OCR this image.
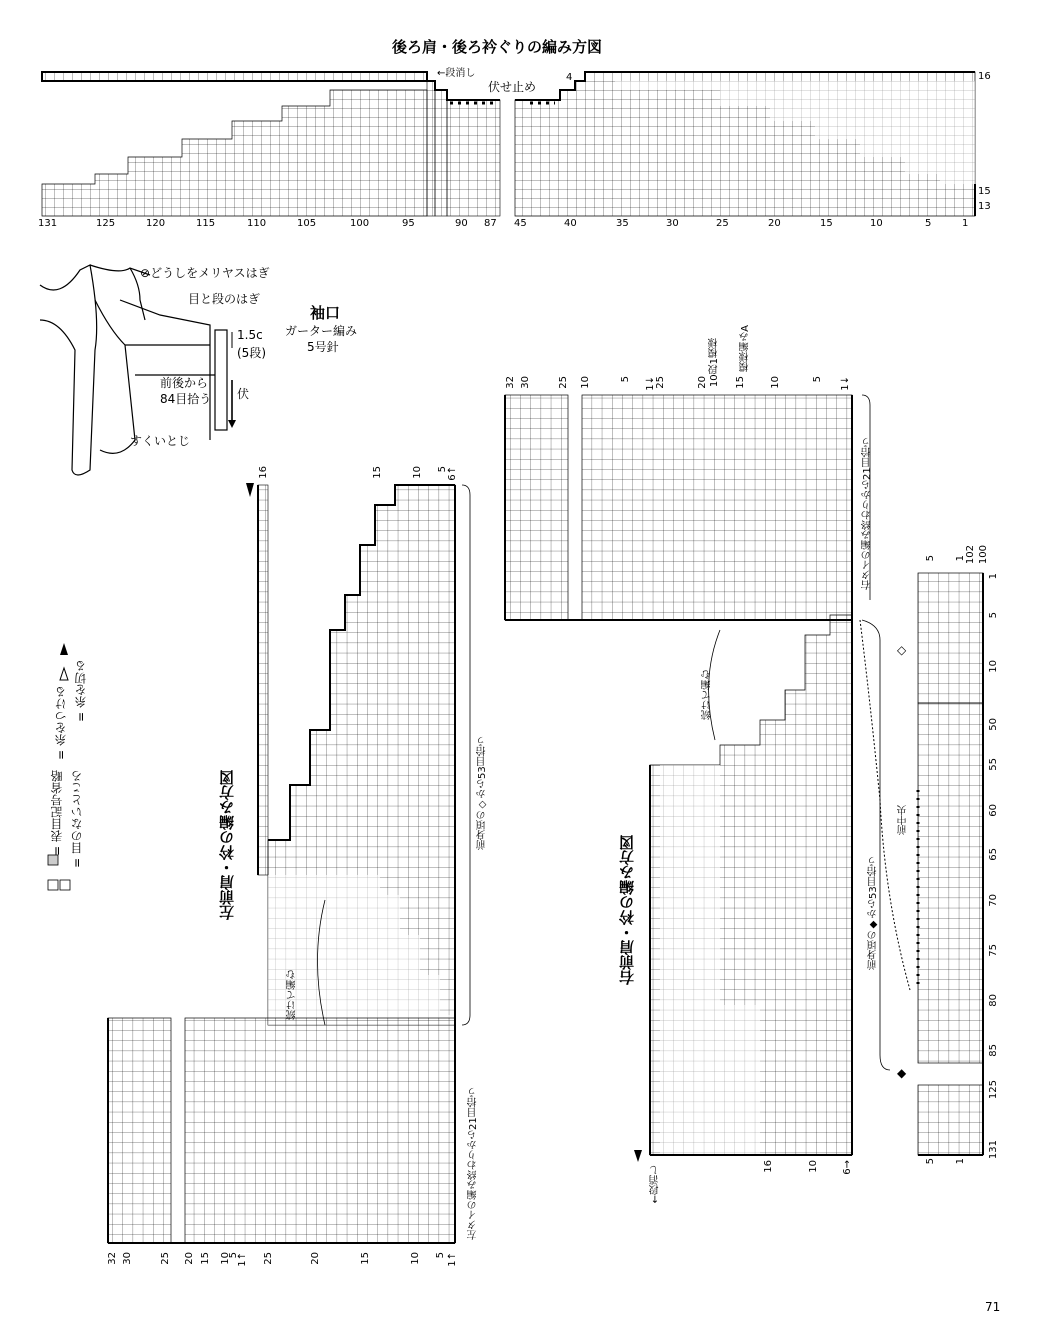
後ろ肩・後ろ衿ぐりの編み方図
←段消し
伏せ止め
4	16
15
13
131	125	120	115	110	105	100	95	90 87 45	40	35	30	25	20	15	10	5	1
⊘どうしをメリヤスはぎ
目と段のはぎ
袖口
ガーター編み
5号針
1.5c
(5段)
前後から
84目拾う 伏
すくいとじ
= 糸をつける = 糸を切る
= 表目記号省略 = 目のないところ	左前肩・衿の編み方図
続けて編む
前身頃の◇から53目拾う
左タイの編み終わりから21目拾う
16	15	10 5 6↑
32 30	25 20 15 10
5
1↑ 25	20	15	10 5 1↑
右前肩・衿の編み方図
続けて編む
前身頃の◆から53目拾う
右タイの編み終わりから21目拾う
10段1模様 模様編みA
前中央
←段消し
32 30	25 10	5 1↓ 25	20	15 10	5 1↓
16	10 6→
1
5
10
50
55
60
65
70
75
80
85
125
131
5 1 102 100
5 1
◇
◆
71
